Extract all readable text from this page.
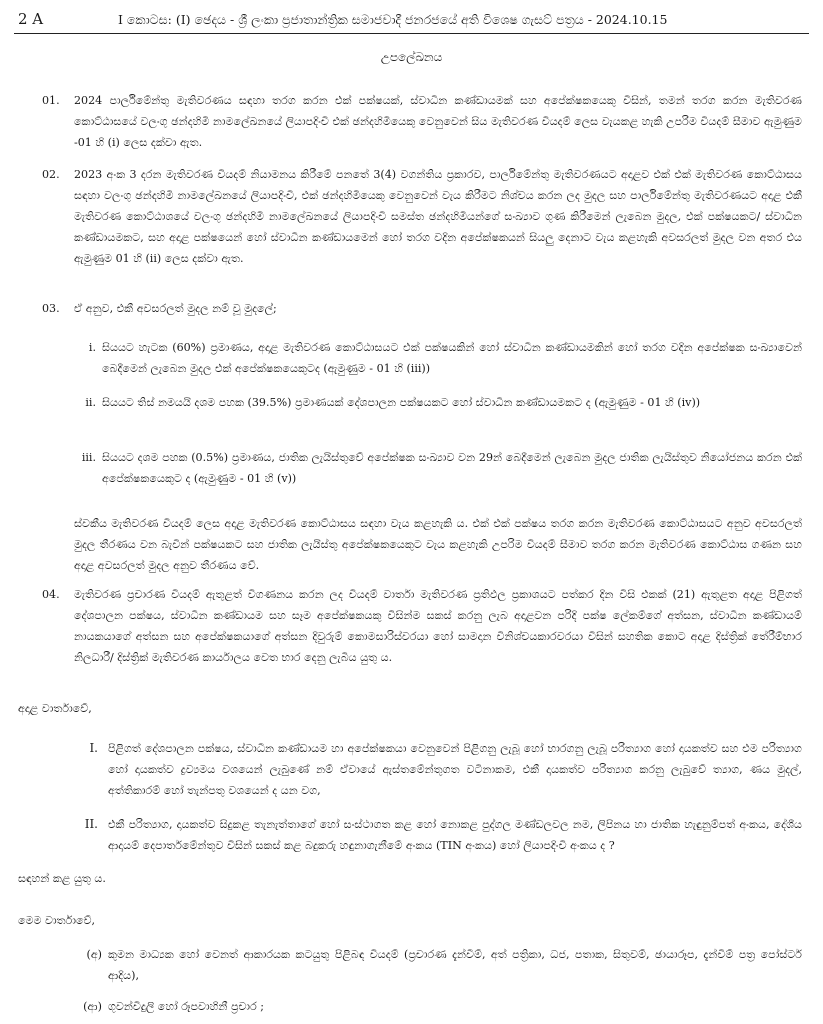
2 A	I කොටස: (I) ඡෙදය - ශ්‍රී ලංකා ප්‍රජාතාන්ත්‍රික සමාජවාදී ජනරජයේ අති විශෙෂ ගැසට් පත්‍රය - 2024.10.15
උපලේඛනය
01. 2024 පාර්ලිමේන්තු මැතිවරණය සඳහා තරග කරන එක් පක්ෂයක්, ස්වාධීන කණ්ඩායමක් සහ අපේක්ෂකයෙකු විසින්, තමන් තරග කරන මැතිවරණ කොට්ඨාසයේ වලංගු ඡන්දහිමි නාමලේඛනයේ ලියාපදිංචි එක් ඡන්දහිමියෙකු වෙනුවෙන් සිය මැතිවරණ වියදම් ලෙස වැයකළ හැකි උපරිම වියදම් සීමාව ඇමුණුම -01 හි (i) ලෙස දක්වා ඇත.

02. 2023 අංක 3 දරන මැතිවරණ වියදම් නියාමනය කිරීමේ පනතේ 3(4) වගන්තිය ප්‍රකාරව, පාර්ලිමේන්තු මැතිවරණයට අදාළව එක් එක් මැතිවරණ කොට්ඨාසය සඳහා වලංගු ඡන්දහිමි නාමලේඛනයේ ලියාපදිංචි, එක් ඡන්දහිමියෙකු වෙනුවෙන් වැය කිරීමට නිශ්චය කරන ලද මුදල සහ පාර්ලිමේන්තු මැතිවරණයට අදාළ එකී මැතිවරණ කොට්ඨාශයේ වලංගු ඡන්දහිමි නාමලේඛනයේ ලියාපදිංචි සමස්ත ඡන්දහිමියන්ගේ සංඛ්‍යාව ගුණ කිරීමෙන් ලැබෙන මුදල, එක් පක්ෂයකට/ ස්වාධීන කණ්ඩායමකට, සහ අදාළ පක්ෂයෙන් හෝ ස්වාධීන කණ්ඩායමෙන් හෝ තරග වදින අපේක්ෂකයන් සියලු දෙනාට වැය කළහැකි අවසරලත් මුදල වන අතර එය ඇමුණුම 01 හි (ii) ලෙස දක්වා ඇත.

03. ඒ අනුව, එකී අවසරලත් මුදල නම් වූ මුදලේ;

i. සියයට හැටක (60%) ප්‍රමාණය, අදාළ මැතිවරණ කොට්ඨාසයට එක් පක්ෂයකින් හෝ ස්වාධීන කණ්ඩායමකින් හෝ තරග වදින අපේක්ෂක සංඛ්‍යාවෙන් බෙදීමෙන් ලැබෙන මුදල එක් අපේක්ෂකයෙකුටද (ඇමුණුම - 01 හි (iii))

ii. සියයට තිස් නමයයි දශම පහක (39.5%) ප්‍රමාණයක් දේශපාලන පක්ෂයකට හෝ ස්වාධීන කණ්ඩායමකට ද (ඇමුණුම - 01 හි (iv))

iii. සියයට දශම පහක (0.5%) ප්‍රමාණය, ජාතික ලැයිස්තුවේ අපේක්ෂක සංඛ්‍යාව වන 29න් බෙදීමෙන් ලැබෙන මුදල ජාතික ලැයිස්තුව නියෝජනය කරන එක් අපේක්ෂකයෙකුට ද (ඇමුණුම - 01 හි (v))

ස්වකීය මැතිවරණ වියදම් ලෙස අදාළ මැතිවරණ කොට්ඨාසය සඳහා වැය කළහැකි ය. එක් එක් පක්ෂය තරග කරන මැතිවරණ කොට්ඨාසයට අනුව අවසරලත් මුදල තීරණය වන බැවින් පක්ෂයකට සහ ජාතික ලැයිස්තු අපේක්ෂකයෙකුට වැය කළහැකි උපරිම වියදම් සීමාව තරග කරන මැතිවරණ කොට්ඨාස ගණන සහ අදාළ අවසරලත් මුදල අනුව තීරණය වේ.

04. මැතිවරණ ප්‍රචාරණ වියදම් ඇතුළත් විගණනය කරන ලද වියදම් වාර්තා මැතිවරණ ප්‍රතිඵල ප්‍රකාශයට පත්කර දින විසි එකක් (21) ඇතුළත අදාළ පිළිගත් දේශපාලන පක්ෂය, ස්වාධීන කණ්ඩායම සහ සෑම අපේක්ෂකයකු විසින්ම සකස් කරනු ලැබ අදාළවන පරිදි පක්ෂ ලේකම්ගේ අත්සන, ස්වාධීන කණ්ඩායම් නායකයාගේ අත්සන සහ අපේක්ෂකයාගේ අත්සන දිවුරුම් කොමසාරිස්වරයා හෝ සාමදාන විනිශ්චයකාරවරයා විසින් සහතික කොට අදාළ දිස්ත්‍රික් තේරීම්භාර නිලධාරී/ දිස්ත්‍රික් මැතිවරණ කාර්යාලය වෙත භාර දෙනු ලැබිය යුතු ය.

අදාළ වාර්තාවේ,
I. පිළිගත් දේශපාලන පක්ෂය, ස්වාධීන කණ්ඩායම හා අපේක්ෂකයා වෙනුවෙන් පිළිගනු ලැබූ හෝ භාරගනු ලැබූ පරිත්‍යාග හෝ දායකත්ව සහ එම පරිත්‍යාග හෝ දායකත්ව ද්‍රව්‍යමය වශයෙන් ලැබුණේ නම් ඒවායේ ඇස්තමේන්තුගත වටිනාකම, එකී දායකත්ව පරිත්‍යාග කරනු ලැබුවේ ත්‍යාග, ණය මුදල්, අත්තිකාරම් හෝ තැන්පතු වශයෙන් ද යන වග,

II. එකී පරිත්‍යාග, දායකත්ව සිදුකළ තැනැත්තාගේ හෝ සංස්ථාගත කළ හෝ නොකළ පුද්ගල මණ්ඩලවල නම, ලිපිනය හා ජාතික හැඳුනුම්පත් අංකය, දේශීය ආදායම් දෙපාර්තමේන්තුව විසින් සකස් කළ බදුකරු හඳුනාගැනීමේ අංකය (TIN අංකය) හෝ ලියාපදිංචි අංකය ද ?

සඳහන් කළ යුතු ය.
මෙම වාර්තාවේ,
(අ) කුමන මාධ්‍යක හෝ වෙනත් ආකාරයක කටයුතු පිළිබඳ වියදම් (ප්‍රචාරණ දැන්වීම්, අත් පත්‍රිකා, ධජ, පතාක, සිතුවම්, ඡායාරූප, දැන්වීම් පත්‍ර පෝස්ටර් ආදිය),

(ආ) ගුවන්විදුලි හෝ රූපවාහිනී ප්‍රචාර ;
